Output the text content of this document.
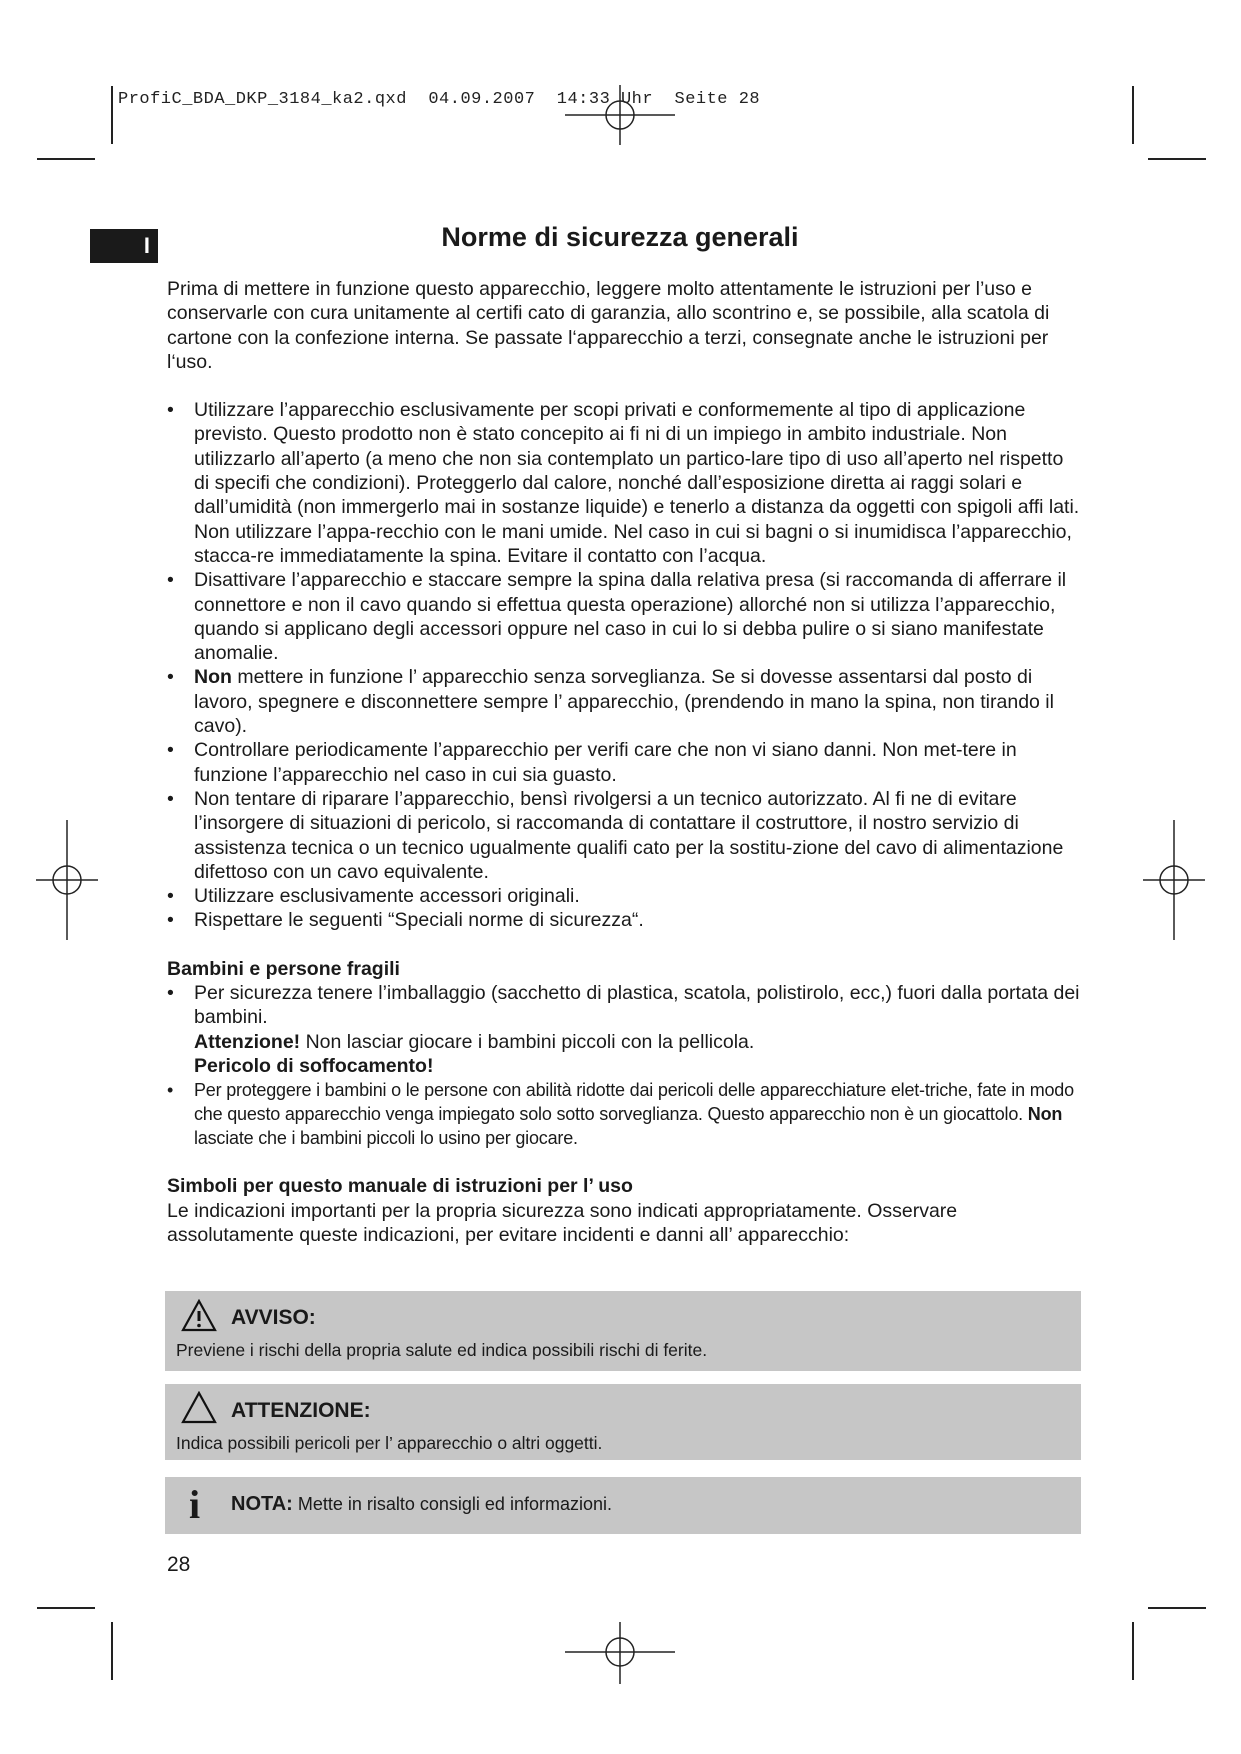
ProfiC_BDA_DKP_3184_ka2.qxd  04.09.2007  14:33 Uhr  Seite 28
I	Norme di sicurezza generali

Prima di mettere in funzione questo apparecchio, leggere molto attentamente le istruzioni per l’uso e conservarle con cura unitamente al certifi cato di garanzia, allo scontrino e, se possibile, alla scatola di cartone con la confezione interna. Se passate l‘apparecchio a terzi, consegnate anche le istruzioni per l‘uso.

• Utilizzare l’apparecchio esclusivamente per scopi privati e conformemente al tipo di applicazione previsto. Questo prodotto non è stato concepito ai fi ni di un impiego in ambito industriale. Non utilizzarlo all’aperto (a meno che non sia contemplato un partico-lare tipo di uso all’aperto nel rispetto di specifi che condizioni). Proteggerlo dal calore, nonché dall’esposizione diretta ai raggi solari e dall’umidità (non immergerlo mai in sostanze liquide) e tenerlo a distanza da oggetti con spigoli affi lati. Non utilizzare l’appa-recchio con le mani umide. Nel caso in cui si bagni o si inumidisca l’apparecchio, stacca-re immediatamente la spina. Evitare il contatto con l’acqua.
• Disattivare l’apparecchio e staccare sempre la spina dalla relativa presa (si raccomanda di afferrare il connettore e non il cavo quando si effettua questa operazione) allorché non si utilizza l’apparecchio, quando si applicano degli accessori oppure nel caso in cui lo si debba pulire o si siano manifestate anomalie.
• Non mettere in funzione l’ apparecchio senza sorveglianza. Se si dovesse assentarsi dal posto di lavoro, spegnere e disconnettere sempre l’ apparecchio, (prendendo in mano la spina, non tirando il cavo).
• Controllare periodicamente l’apparecchio per verifi care che non vi siano danni. Non met-tere in funzione l’apparecchio nel caso in cui sia guasto.
• Non tentare di riparare l’apparecchio, bensì rivolgersi a un tecnico autorizzato. Al fi ne di evitare l’insorgere di situazioni di pericolo, si raccomanda di contattare il costruttore, il nostro servizio di assistenza tecnica o un tecnico ugualmente qualifi cato per la sostitu-zione del cavo di alimentazione difettoso con un cavo equivalente.
• Utilizzare esclusivamente accessori originali.
• Rispettare le seguenti “Speciali norme di sicurezza“.

Bambini e persone fragili

• Per sicurezza tenere l’imballaggio (sacchetto di plastica, scatola, polistirolo, ecc,) fuori dalla portata dei bambini.
Attenzione! Non lasciar giocare i bambini piccoli con la pellicola.
Pericolo di soffocamento!
• Per proteggere i bambini o le persone con abilità ridotte dai pericoli delle apparecchiature elet-triche, fate in modo che questo apparecchio venga impiegato solo sotto sorveglianza. Questo apparecchio non è un giocattolo. Non lasciate che i bambini piccoli lo usino per giocare.

Simboli per questo manuale di istruzioni per l’ uso

Le indicazioni importanti per la propria sicurezza sono indicati appropriatamente. Osservare assolutamente queste indicazioni, per evitare incidenti e danni all’ apparecchio:

AVVISO:
Previene i rischi della propria salute ed indica possibili rischi di ferite.
ATTENZIONE:
Indica possibili pericoli per l’ apparecchio o altri oggetti.
i NOTA: Mette in risalto consigli ed informazioni.
28
